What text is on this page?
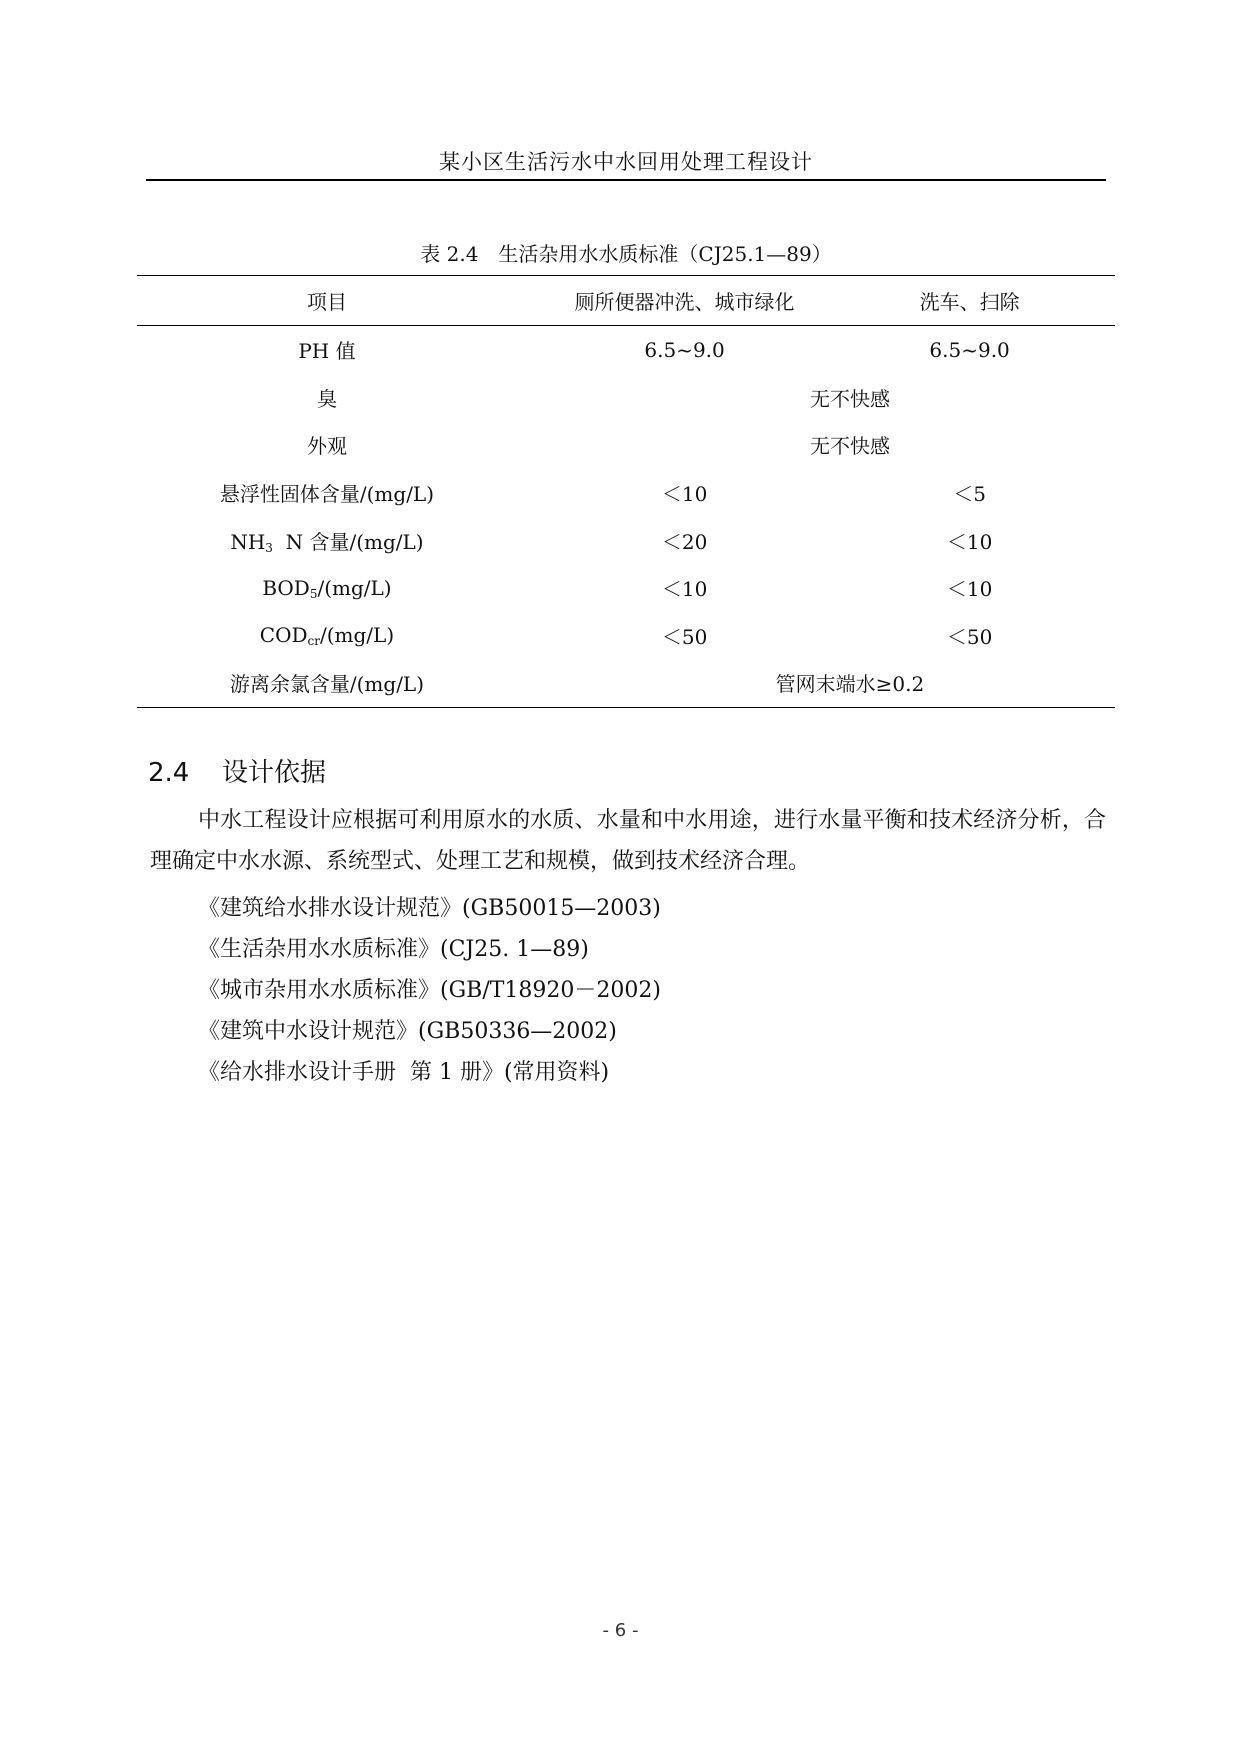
某小区生活污水中水回用处理工程设计
表 2.4　生活杂用水水质标准（CJ25.1—89）
项目	厕所便器冲洗、城市绿化	洗车、扫除
PH 值	6.5~9.0	6.5~9.0
臭	无不快感	
外观	无不快感	
悬浮性固体含量/(mg/L)	＜10	＜5
$NH_3$  N 含量/(mg/L)	＜20	＜10
$BOD_5/(mg/L)$	＜10	＜10
$COD_{cr}/(mg/L)$	＜50	＜50
游离余氯含量/(mg/L)	管网末端水≥0.2	
2.4 设计依据
中水工程设计应根据可利用原水的水质、水量和中水用途，进行水量平衡和技术经济分析，合理确定中水水源、系统型式、处理工艺和规模，做到技术经济合理。
《建筑给水排水设计规范》(GB50015—2003)
《生活杂用水水质标准》(CJ25. 1—89)
《城市杂用水水质标准》(GB/T18920－2002)
《建筑中水设计规范》(GB50336—2002)
《给水排水设计手册  第 1 册》(常用资料)
- 6 -
